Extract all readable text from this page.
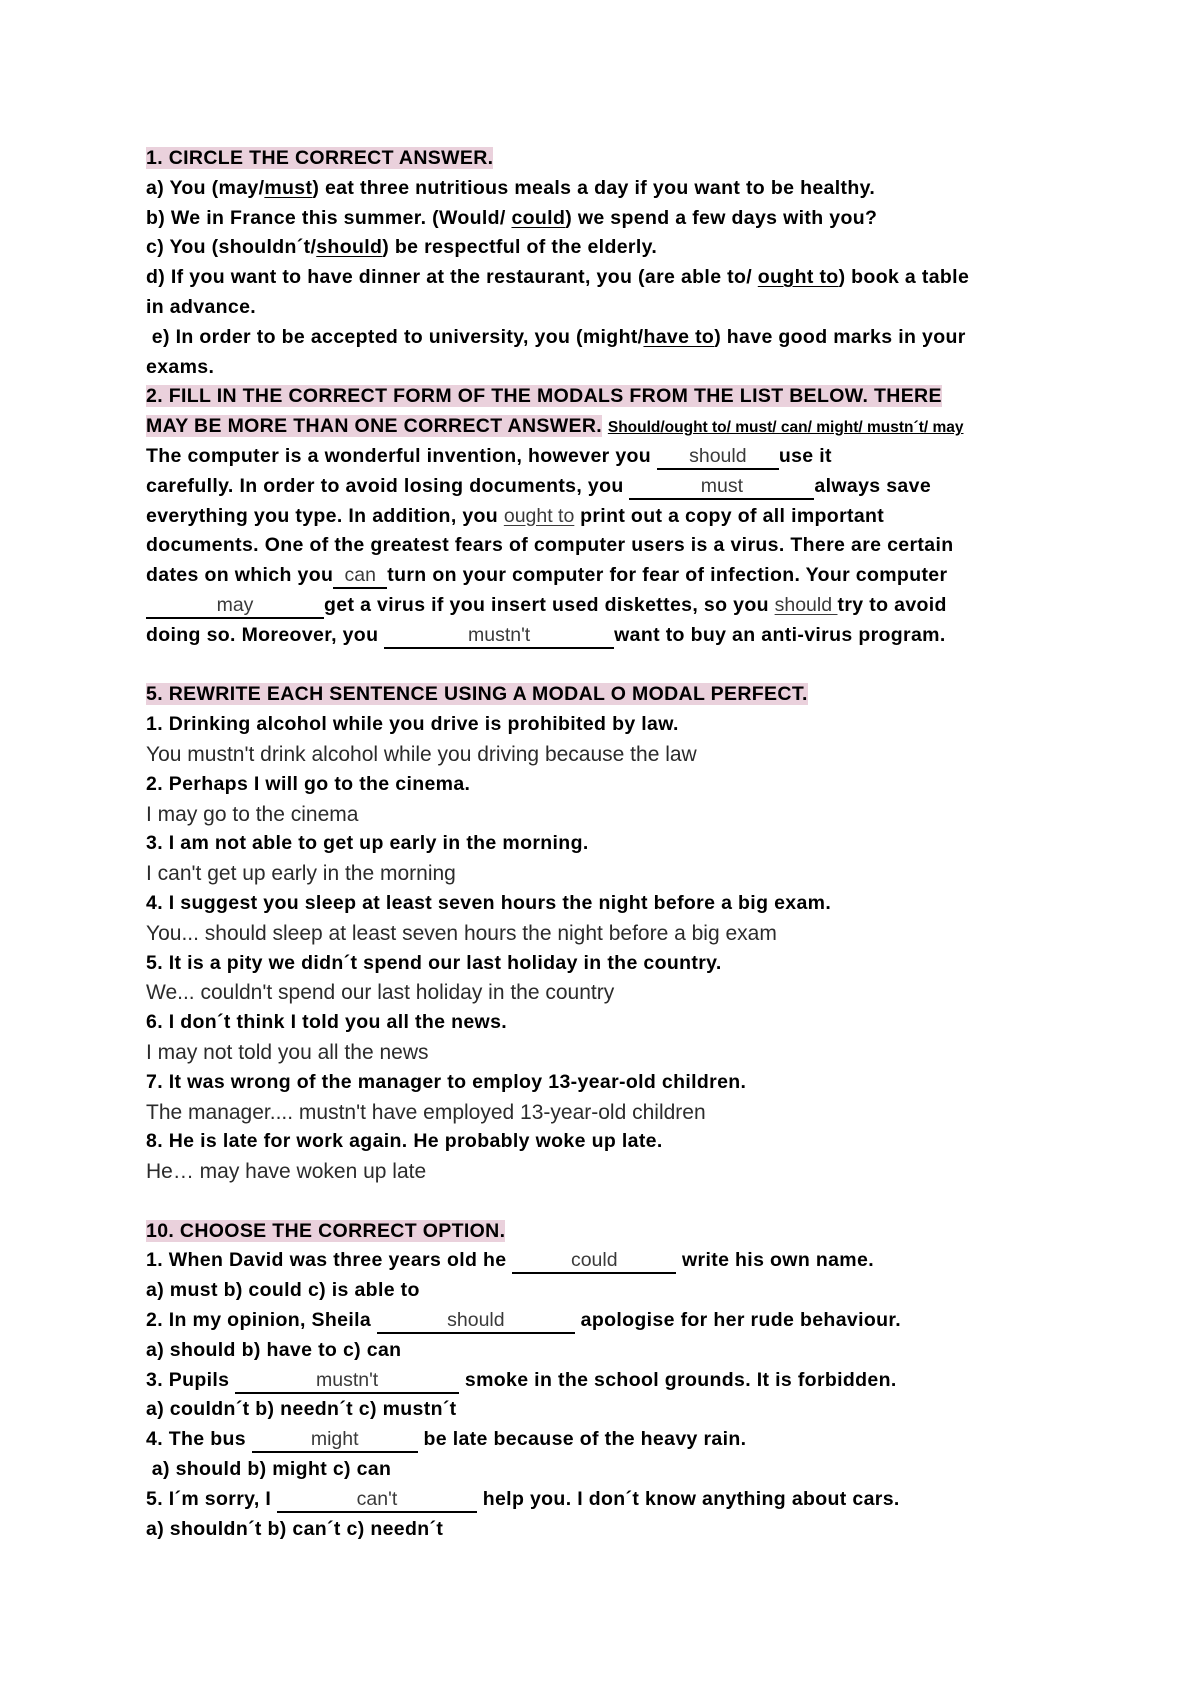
1. CIRCLE THE CORRECT ANSWER.
a) You (may/must) eat three nutritious meals a day if you want to be healthy.
b) We in France this summer. (Would/ could) we spend a few days with you?
c) You (shouldn´t/should) be respectful of the elderly.
d) If you want to have dinner at the restaurant, you (are able to/ ought to) book a table
in advance.
e) In order to be accepted to university, you (might/have to) have good marks in your
exams.
2. FILL IN THE CORRECT FORM OF THE MODALS FROM THE LIST BELOW. THERE
MAY BE MORE THAN ONE CORRECT ANSWER. Should/ought to/ must/ can/ might/ mustn´t/ may
The computer is a wonderful invention, however you should use it
carefully. In order to avoid losing documents, you	must	always save
everything you type. In addition, you ought to print out a copy of all important
documents. One of the greatest fears of computer users is a virus. There are certain
dates on which you can turn on your computer for fear of infection. Your computer
may	get a virus if you insert used diskettes, so you should try to avoid
doing so. Moreover, you	mustn't	want to buy an anti-virus program.
5. REWRITE EACH SENTENCE USING A MODAL O MODAL PERFECT.
1. Drinking alcohol while you drive is prohibited by law.
You mustn't drink alcohol while you driving because the law
2. Perhaps I will go to the cinema.
I may go to the cinema
3. I am not able to get up early in the morning.
I can't get up early in the morning
4. I suggest you sleep at least seven hours the night before a big exam.
You... should sleep at least seven hours the night before a big exam
5. It is a pity we didn´t spend our last holiday in the country.
We... couldn't spend our last holiday in the country
6. I don´t think I told you all the news.
I may not told you all the news
7. It was wrong of the manager to employ 13-year-old children.
The manager.... mustn't have employed 13-year-old children
8. He is late for work again. He probably woke up late.
He… may have woken up late
10. CHOOSE THE CORRECT OPTION.
1. When David was three years old he	could	write his own name.
a) must b) could c) is able to
2. In my opinion, Sheila	should	apologise for her rude behaviour.
a) should b) have to c) can
3. Pupils	mustn't	smoke in the school grounds. It is forbidden.
a) couldn´t b) needn´t c) mustn´t
4. The bus	might	be late because of the heavy rain.
a) should b) might c) can
5. I´m sorry, I	can't	help you. I don´t know anything about cars.
a) shouldn´t b) can´t c) needn´t
